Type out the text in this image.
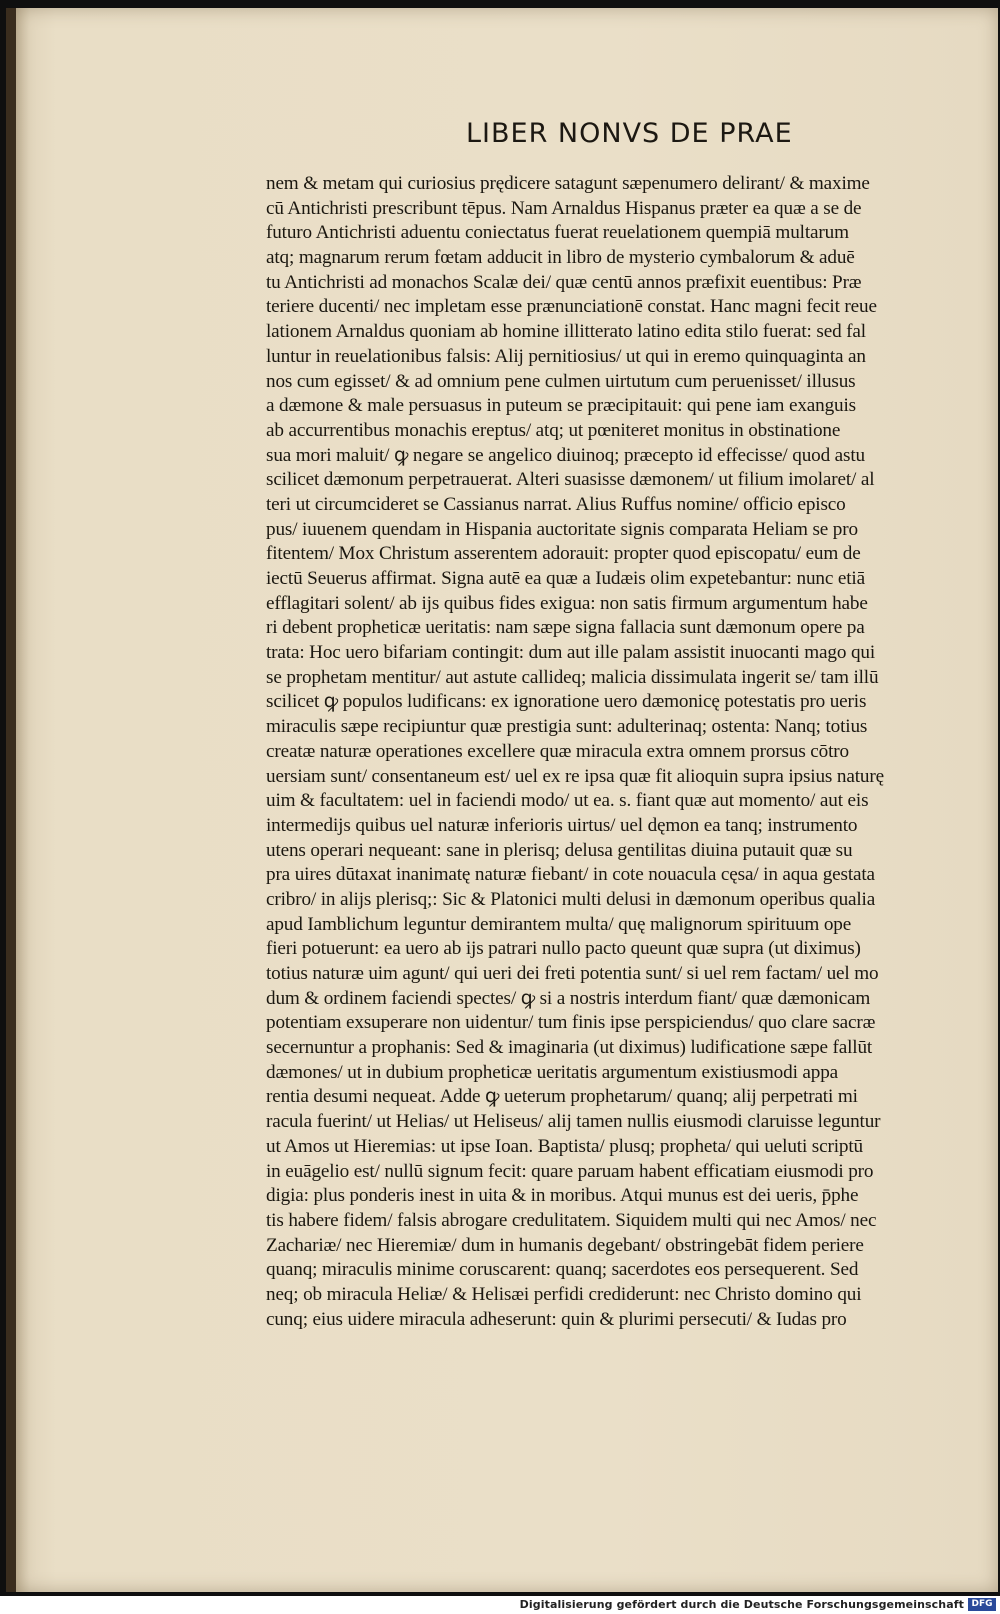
LIBER NONVS DE PRAE
nem & metam qui curiosius prędicere satagunt sæpenumero delirant/ & maxime
cū Antichristi prescribunt tēpus. Nam Arnaldus Hispanus præter ea quæ a se de
futuro Antichristi aduentu coniectatus fuerat reuelationem quempiā multarum
atq; magnarum rerum fœtam adducit in libro de mysterio cymbalorum & aduē
tu Antichristi ad monachos Scalæ dei/ quæ centū annos præfixit euentibus: Præ
teriere ducenti/ nec impletam esse prænunciationē constat. Hanc magni fecit reue
lationem Arnaldus quoniam ab homine illitterato latino edita stilo fuerat: sed fal
luntur in reuelationibus falsis: Alij pernitiosius/ ut qui in eremo quinquaginta an
nos cum egisset/ & ad omnium pene culmen uirtutum cum peruenisset/ illusus
a dæmone & male persuasus in puteum se præcipitauit: qui pene iam exanguis
ab accurrentibus monachis ereptus/ atq; ut pœniteret monitus in obstinatione
sua mori maluit/ ꝙ negare se angelico diuinoq; præcepto id effecisse/ quod astu
scilicet dæmonum perpetrauerat. Alteri suasisse dæmonem/ ut filium imolaret/ al
teri ut circumcideret se Cassianus narrat. Alius Ruffus nomine/ officio episco
pus/ iuuenem quendam in Hispania auctoritate signis comparata Heliam se pro
fitentem/ Mox Christum asserentem adorauit: propter quod episcopatu/ eum de
iectū Seuerus affirmat. Signa autē ea quæ a Iudæis olim expetebantur: nunc etiā
efflagitari solent/ ab ijs quibus fides exigua: non satis firmum argumentum habe
ri debent propheticæ ueritatis: nam sæpe signa fallacia sunt dæmonum opere pa
trata: Hoc uero bifariam contingit: dum aut ille palam assistit inuocanti mago qui
se prophetam mentitur/ aut astute callideq; malicia dissimulata ingerit se/ tam illū
scilicet ꝙ populos ludificans: ex ignoratione uero dæmonicę potestatis pro ueris
miraculis sæpe recipiuntur quæ prestigia sunt: adulterinaq; ostenta: Nanq; totius
creatæ naturæ operationes excellere quæ miracula extra omnem prorsus cōtro
uersiam sunt/ consentaneum est/ uel ex re ipsa quæ fit alioquin supra ipsius naturę
uim & facultatem: uel in faciendi modo/ ut ea. s. fiant quæ aut momento/ aut eis
intermedijs quibus uel naturæ inferioris uirtus/ uel dęmon ea tanq; instrumento
utens operari nequeant: sane in plerisq; delusa gentilitas diuina putauit quæ su
pra uires dūtaxat inanimatę naturæ fiebant/ in cote nouacula cęsa/ in aqua gestata
cribro/ in alijs plerisq;: Sic & Platonici multi delusi in dæmonum operibus qualia
apud Iamblichum leguntur demirantem multa/ quę malignorum spirituum ope
fieri potuerunt: ea uero ab ijs patrari nullo pacto queunt quæ supra (ut diximus)
totius naturæ uim agunt/ qui ueri dei freti potentia sunt/ si uel rem factam/ uel mo
dum & ordinem faciendi spectes/ ꝙ si a nostris interdum fiant/ quæ dæmonicam
potentiam exsuperare non uidentur/ tum finis ipse perspiciendus/ quo clare sacræ
secernuntur a prophanis: Sed & imaginaria (ut diximus) ludificatione sæpe fallūt
dæmones/ ut in dubium propheticæ ueritatis argumentum existiusmodi appa
rentia desumi nequeat. Adde ꝙ ueterum prophetarum/ quanq; alij perpetrati mi
racula fuerint/ ut Helias/ ut Heliseus/ alij tamen nullis eiusmodi claruisse leguntur
ut Amos ut Hieremias: ut ipse Ioan. Baptista/ plusq; propheta/ qui ueluti scriptū
in euāgelio est/ nullū signum fecit: quare paruam habent efficatiam eiusmodi pro
digia: plus ponderis inest in uita & in moribus. Atqui munus est dei ueris, p̄phe
tis habere fidem/ falsis abrogare credulitatem. Siquidem multi qui nec Amos/ nec
Zachariæ/ nec Hieremiæ/ dum in humanis degebant/ obstringebāt fidem periere
quanq; miraculis minime coruscarent: quanq; sacerdotes eos persequerent. Sed
neq; ob miracula Heliæ/ & Helisæi perfidi crediderunt: nec Christo domino qui
cunq; eius uidere miracula adheserunt: quin & plurimi persecuti/ & Iudas pro
Digitalisierung gefördert durch die Deutsche Forschungsgemeinschaft DFG
